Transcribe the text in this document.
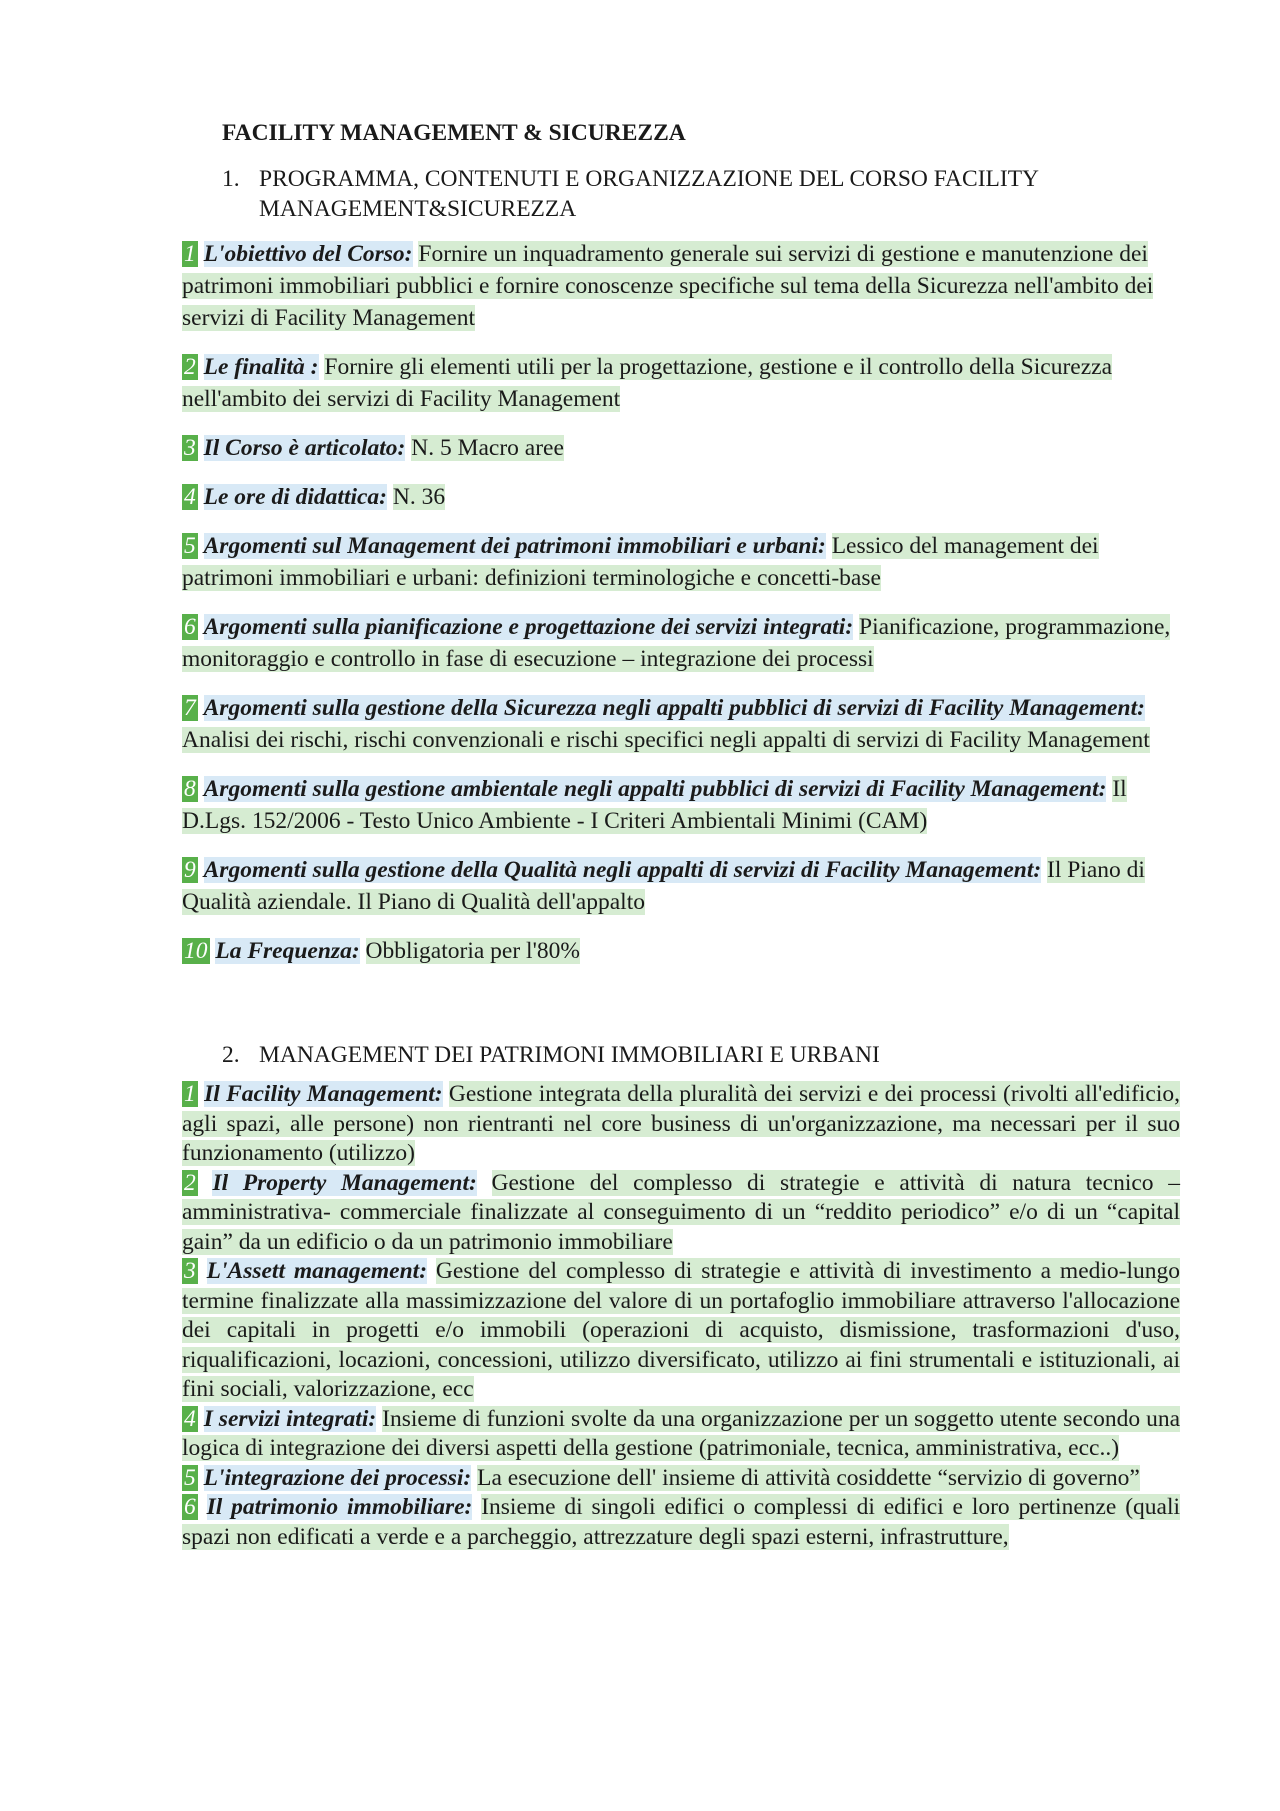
FACILITY MANAGEMENT & SICUREZZA
1. PROGRAMMA, CONTENUTI E ORGANIZZAZIONE DEL CORSO FACILITY MANAGEMENT&SICUREZZA

1 L'obiettivo del Corso: Fornire un inquadramento generale sui servizi di gestione e manutenzione dei patrimoni immobiliari pubblici e fornire conoscenze specifiche sul tema della Sicurezza nell'ambito dei servizi di Facility Management

2 Le finalità : Fornire gli elementi utili per la progettazione, gestione e il controllo della Sicurezza nell'ambito dei servizi di Facility Management

3 Il Corso è articolato: N. 5 Macro aree

4 Le ore di didattica: N. 36

5 Argomenti sul Management dei patrimoni immobiliari e urbani: Lessico del management dei patrimoni immobiliari e urbani: definizioni terminologiche e concetti-base

6 Argomenti sulla pianificazione e progettazione dei servizi integrati: Pianificazione, programmazione, monitoraggio e controllo in fase di esecuzione – integrazione dei processi

7 Argomenti sulla gestione della Sicurezza negli appalti pubblici di servizi di Facility Management: Analisi dei rischi, rischi convenzionali e rischi specifici negli appalti di servizi di Facility Management

8 Argomenti sulla gestione ambientale negli appalti pubblici di servizi di Facility Management: Il D.Lgs. 152/2006 - Testo Unico Ambiente - I Criteri Ambientali Minimi (CAM)

9 Argomenti sulla gestione della Qualità negli appalti di servizi di Facility Management: Il Piano di Qualità aziendale. Il Piano di Qualità dell'appalto

10 La Frequenza: Obbligatoria per l'80%

2. MANAGEMENT DEI PATRIMONI IMMOBILIARI E URBANI

1 Il Facility Management: Gestione integrata della pluralità dei servizi e dei processi (rivolti all'edificio, agli spazi, alle persone) non rientranti nel core business di un'organizzazione, ma necessari per il suo funzionamento (utilizzo)

2 Il Property Management: Gestione del complesso di strategie e attività di natura tecnico – amministrativa- commerciale finalizzate al conseguimento di un “reddito periodico” e/o di un “capital gain” da un edificio o da un patrimonio immobiliare

3 L'Assett management: Gestione del complesso di strategie e attività di investimento a medio-lungo termine finalizzate alla massimizzazione del valore di un portafoglio immobiliare attraverso l'allocazione dei capitali in progetti e/o immobili (operazioni di acquisto, dismissione, trasformazioni d'uso, riqualificazioni, locazioni, concessioni, utilizzo diversificato, utilizzo ai fini strumentali e istituzionali, ai fini sociali, valorizzazione, ecc

4 I servizi integrati: Insieme di funzioni svolte da una organizzazione per un soggetto utente secondo una logica di integrazione dei diversi aspetti della gestione (patrimoniale, tecnica, amministrativa, ecc..)

5 L'integrazione dei processi: La esecuzione dell' insieme di attività cosiddette “servizio di governo”

6 Il patrimonio immobiliare: Insieme di singoli edifici o complessi di edifici e loro pertinenze (quali spazi non edificati a verde e a parcheggio, attrezzature degli spazi esterni, infrastrutture,
